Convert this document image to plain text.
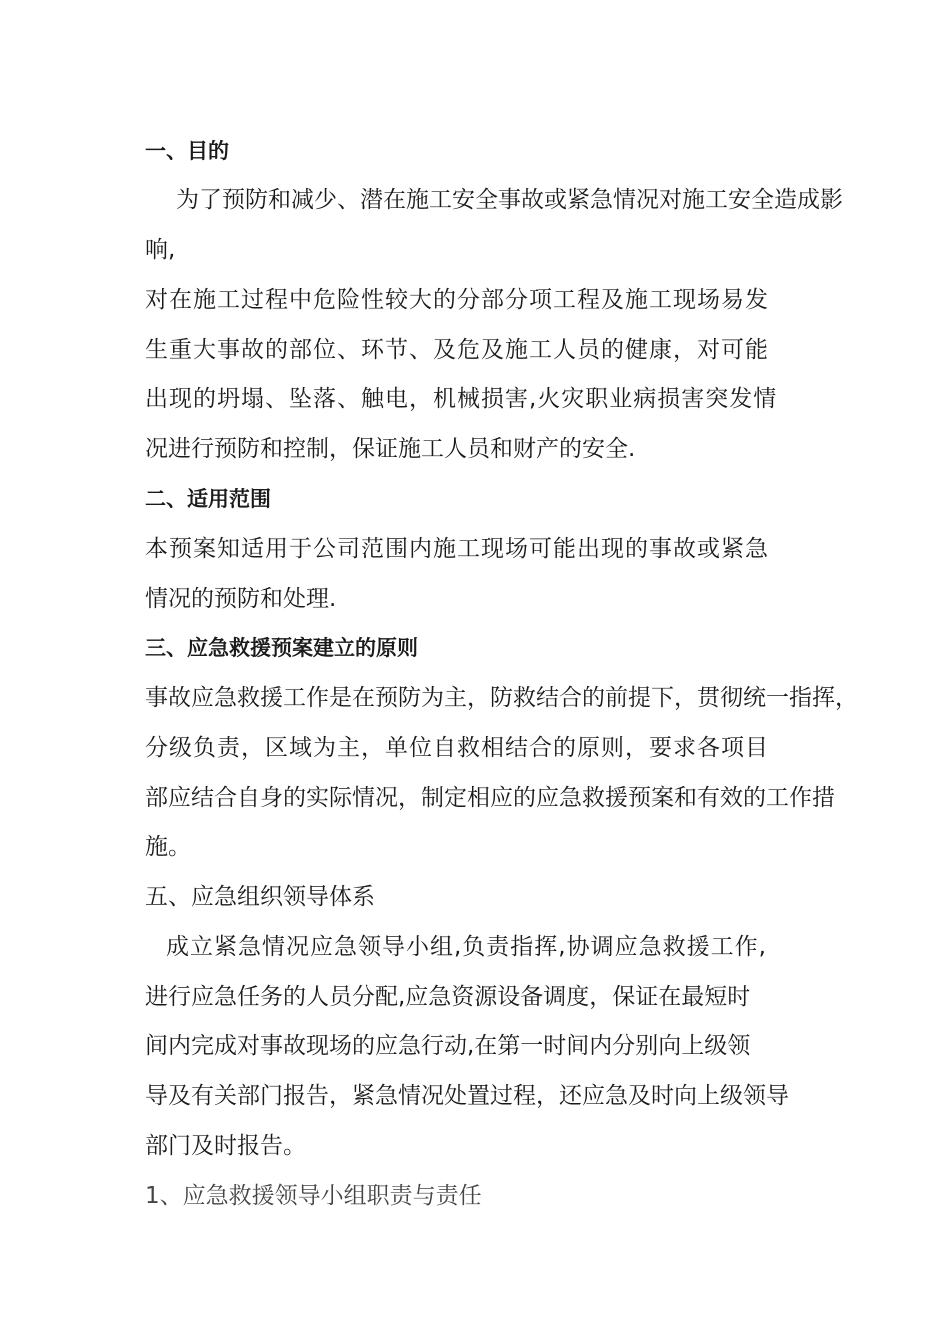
一、目的

为了预防和减少、潜在施工安全事故或紧急情况对施工安全造成影

响,

对在施工过程中危险性较大的分部分项工程及施工现场易发

生重大事故的部位、环节、及危及施工人员的健康，对可能

出现的坍塌、坠落、触电，机械损害,火灾职业病损害突发情

况进行预防和控制，保证施工人员和财产的安全.

二、适用范围

本预案知适用于公司范围内施工现场可能出现的事故或紧急

情况的预防和处理.

三、应急救援预案建立的原则

事故应急救援工作是在预防为主，防救结合的前提下，贯彻统一指挥，

分级负责，区域为主，单位自救相结合的原则，要求各项目

部应结合自身的实际情况，制定相应的应急救援预案和有效的工作措

施。

五、应急组织领导体系

成立紧急情况应急领导小组,负责指挥,协调应急救援工作,

进行应急任务的人员分配,应急资源设备调度，保证在最短时

间内完成对事故现场的应急行动,在第一时间内分别向上级领

导及有关部门报告，紧急情况处置过程，还应急及时向上级领导

部门及时报告。

1、应急救援领导小组职责与责任
